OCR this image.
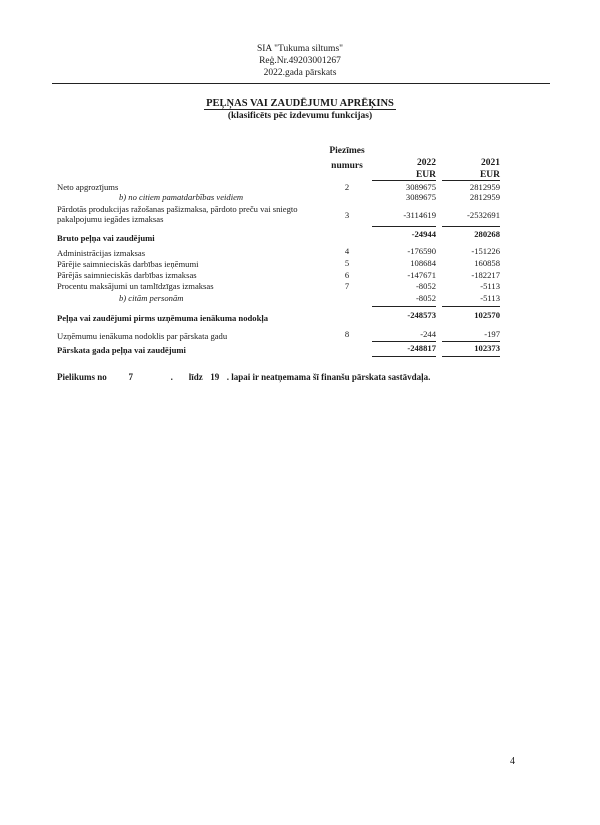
SIA "Tukuma siltums"
Reģ.Nr.49203001267
2022.gada pārskats
PEĻŅAS VAI ZAUDĒJUMU APRĒĶINS
(klasificēts pēc izdevumu funkcijas)
Piezīmes
numurs	2022	2021
EUR	EUR
Neto apgrozījums	2	3089675	2812959
b) no citiem pamatdarbības veidiem	3089675	2812959
Pārdotās produkcijas ražošanas pašizmaksa, pārdoto preču vai sniegto pakalpojumu iegādes izmaksas	3	-3114619	-2532691
Bruto peļņa vai zaudējumi	-24944	280268
Administrācijas izmaksas	4	-176590	-151226
Pārējie saimnieciskās darbības ieņēmumi	5	108684	160858
Pārējās saimnieciskās darbības izmaksas	6	-147671	-182217
Procentu maksājumi un tamlīdzīgas izmaksas	7	-8052	-5113
b) citām personām	-8052	-5113
Peļņa vai zaudējumi pirms uzņēmuma ienākuma nodokļa	-248573	102570
Uzņēmumu ienākuma nodoklis par pārskata gadu	8	-244	-197
Pārskata gada peļņa vai zaudējumi	-248817	102373
Pielikums no 7	. līdz 19 . lapai ir neatņemama šī finanšu pārskata sastāvdaļa.
4
